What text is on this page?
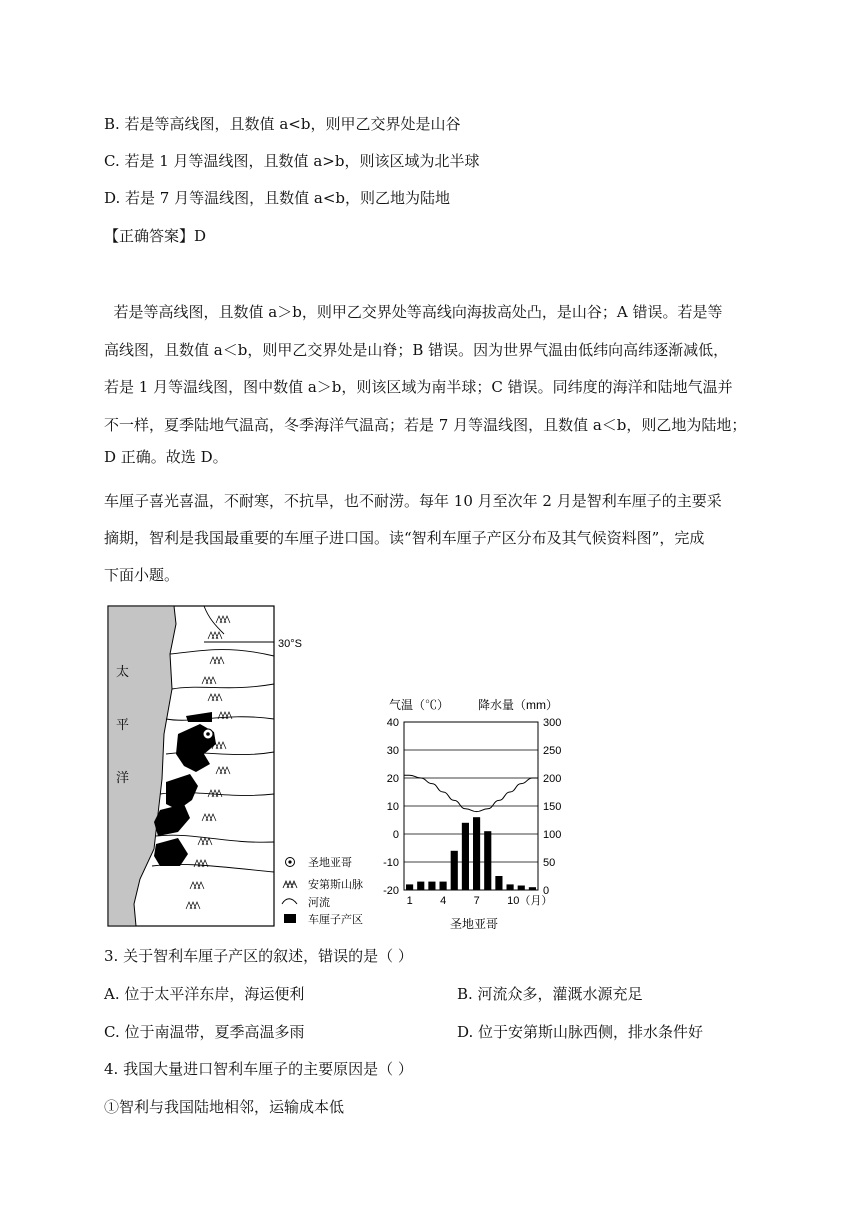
B. 若是等高线图，且数值 a<b，则甲乙交界处是山谷
C. 若是 1 月等温线图，且数值 a>b，则该区域为北半球
D. 若是 7 月等温线图，且数值 a<b，则乙地为陆地
【正确答案】D

若是等高线图，且数值 a＞b，则甲乙交界处等高线向海拔高处凸，是山谷；A 错误。若是等

高线图，且数值 a＜b，则甲乙交界处是山脊；B 错误。因为世界气温由低纬向高纬逐渐减低，

若是 1 月等温线图，图中数值 a＞b，则该区域为南半球；C 错误。同纬度的海洋和陆地气温并

不一样，夏季陆地气温高，冬季海洋气温高；若是 7 月等温线图，且数值 a＜b，则乙地为陆地；

D 正确。故选 D。

车厘子喜光喜温，不耐寒，不抗旱，也不耐涝。每年 10 月至次年 2 月是智利车厘子的主要采

摘期，智利是我国最重要的车厘子进口国。读“智利车厘子产区分布及其气候资料图”，完成

下面小题。

30°S
太
平
洋
圣地亚哥
安第斯山脉
河流
车厘子产区
气温（℃） 降水量（mm）
圣地亚哥
40
30
20
10
0
-10
-20
300
250
200
150
100
50
0
1 4 7 10（月）
3. 关于智利车厘子产区的叙述，错误的是（ ）
A. 位于太平洋东岸，海运便利	B. 河流众多，灌溉水源充足
C. 位于南温带，夏季高温多雨	D. 位于安第斯山脉西侧，排水条件好
4. 我国大量进口智利车厘子的主要原因是（ ）
①智利与我国陆地相邻，运输成本低
